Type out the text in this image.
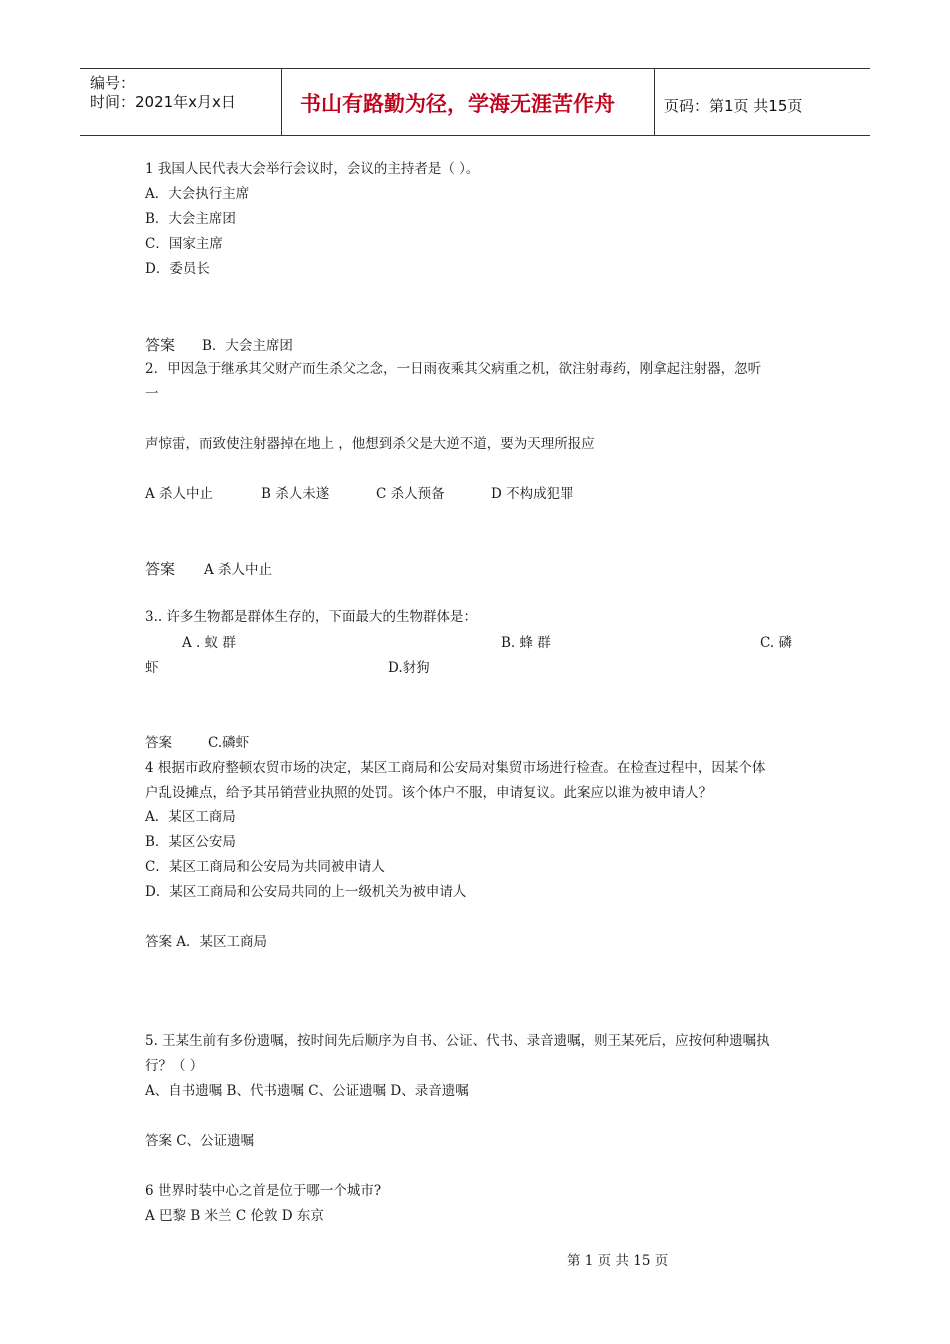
编号：
时间：2021年x月x日	书山有路勤为径，学海无涯苦作舟	页码：第1页 共15页
1 我国人民代表大会举行会议时，会议的主持者是（ ）。
A．大会执行主席
B．大会主席团
C．国家主席
D．委员长
答案 B．大会主席团
2．甲因急于继承其父财产而生杀父之念，一日雨夜乘其父病重之机，欲注射毒药，刚拿起注射器，忽听
一
声惊雷，而致使注射器掉在地上 ，他想到杀父是大逆不道，要为天理所报应
A 杀人中止	B 杀人未遂	C 杀人预备	D 不构成犯罪
答案 A 杀人中止
3.. 许多生物都是群体生存的，下面最大的生物群体是：
A . 蚁 群	B. 蜂 群	C. 磷
虾	D.豺狗
答案	C.磷虾
4 根据市政府整顿农贸市场的决定，某区工商局和公安局对集贸市场进行检查。在检查过程中，因某个体
户乱设摊点，给予其吊销营业执照的处罚。该个体户不服，申请复议。此案应以谁为被申请人？
A．某区工商局
B．某区公安局
C．某区工商局和公安局为共同被申请人
D．某区工商局和公安局共同的上一级机关为被申请人
答案 A．某区工商局
5. 王某生前有多份遗嘱，按时间先后顺序为自书、公证、代书、录音遗嘱，则王某死后，应按何种遗嘱执
行？（ ）
A、自书遗嘱 B、代书遗嘱 C、公证遗嘱 D、录音遗嘱
答案 C、公证遗嘱
6 世界时装中心之首是位于哪一个城市?
A 巴黎 B 米兰 C 伦敦 D 东京
第 1 页 共 15 页
